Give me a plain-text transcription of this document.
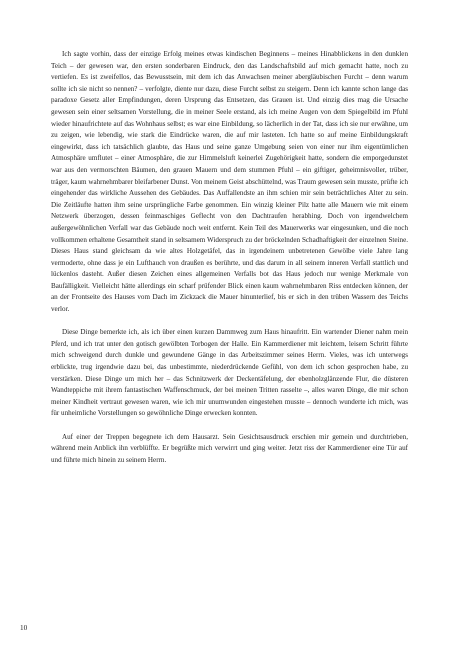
Ich sagte vorhin, dass der einzige Erfolg meines etwas kindischen Beginnens – meines Hinabblickens in den dunklen Teich – der gewesen war, den ersten sonderbaren Eindruck, den das Landschaftsbild auf mich gemacht hatte, noch zu vertiefen. Es ist zweifellos, das Bewusstsein, mit dem ich das Anwachsen meiner abergläubischen Furcht – denn warum sollte ich sie nicht so nennen? – verfolgte, diente nur dazu, diese Furcht selbst zu steigern. Denn ich kannte schon lange das paradoxe Gesetz aller Empfindungen, deren Ursprung das Entsetzen, das Grauen ist. Und einzig dies mag die Ursache gewesen sein einer seltsamen Vorstellung, die in meiner Seele erstand, als ich meine Augen von dem Spiegelbild im Pfuhl wieder hinaufrichtete auf das Wohnhaus selbst; es war eine Einbildung, so lächerlich in der Tat, dass ich sie nur erwähne, um zu zeigen, wie lebendig, wie stark die Eindrücke waren, die auf mir lasteten. Ich hatte so auf meine Einbildungskraft eingewirkt, dass ich tatsächlich glaubte, das Haus und seine ganze Umgebung seien von einer nur ihm eigentümlichen Atmosphäre umflutet – einer Atmosphäre, die zur Himmelsluft keinerlei Zugehörigkeit hatte, sondern die emporgedunstet war aus den vermorschten Bäumen, den grauen Mauern und dem stummen Pfuhl – ein giftiger, geheimnisvoller, trüber, träger, kaum wahrnehmbarer bleifarbener Dunst. Von meinem Geist abschüttelnd, was Traum gewesen sein musste, prüfte ich eingehender das wirkliche Aussehen des Gebäudes. Das Auffallendste an ihm schien mir sein beträchtliches Alter zu sein. Die Zeitläufte hatten ihm seine ursprüngliche Farbe genommen. Ein winzig kleiner Pilz hatte alle Mauern wie mit einem Netzwerk überzogen, dessen feinmaschiges Geflecht von den Dachtraufen herabhing. Doch von irgendwelchem außergewöhnlichen Verfall war das Gebäude noch weit entfernt. Kein Teil des Mauerwerks war eingesunken, und die noch vollkommen erhaltene Gesamtheit stand in seltsamem Widerspruch zu der bröckelnden Schadhaftigkeit der einzelnen Steine. Dieses Haus stand gleichsam da wie altes Holzgetäfel, das in irgendeinem unbetretenen Gewölbe viele Jahre lang vermoderte, ohne dass je ein Lufthauch von draußen es berührte, und das darum in all seinem inneren Verfall stattlich und lückenlos dasteht. Außer diesen Zeichen eines allgemeinen Verfalls bot das Haus jedoch nur wenige Merkmale von Baufälligkeit. Vielleicht hätte allerdings ein scharf prüfender Blick einen kaum wahrnehmbaren Riss entdecken können, der an der Frontseite des Hauses vom Dach im Zickzack die Mauer hinunterlief, bis er sich in den trüben Wassern des Teichs verlor.

Diese Dinge bemerkte ich, als ich über einen kurzen Dammweg zum Haus hinaufritt. Ein wartender Diener nahm mein Pferd, und ich trat unter den gotisch gewölbten Torbogen der Halle. Ein Kammerdiener mit leichtem, leisem Schritt führte mich schweigend durch dunkle und gewundene Gänge in das Arbeitszimmer seines Herrn. Vieles, was ich unterwegs erblickte, trug irgendwie dazu bei, das unbestimmte, niederdrückende Gefühl, von dem ich schon gesprochen habe, zu verstärken. Diese Dinge um mich her – das Schnitzwerk der Deckentäfelung, der ebenholzglänzende Flur, die düsteren Wandteppiche mit ihrem fantastischen Waffenschmuck, der bei meinen Tritten rasselte –, alles waren Dinge, die mir schon meiner Kindheit vertraut gewesen waren, wie ich mir unumwunden eingestehen musste – dennoch wunderte ich mich, was für unheimliche Vorstellungen so gewöhnliche Dinge erwecken konnten.

Auf einer der Treppen begegnete ich dem Hausarzt. Sein Gesichtsausdruck erschien mir gemein und durchtrieben, während mein Anblick ihn verblüffte. Er begrüßte mich verwirrt und ging weiter. Jetzt riss der Kammerdiener eine Tür auf und führte mich hinein zu seinem Herrn.

10
